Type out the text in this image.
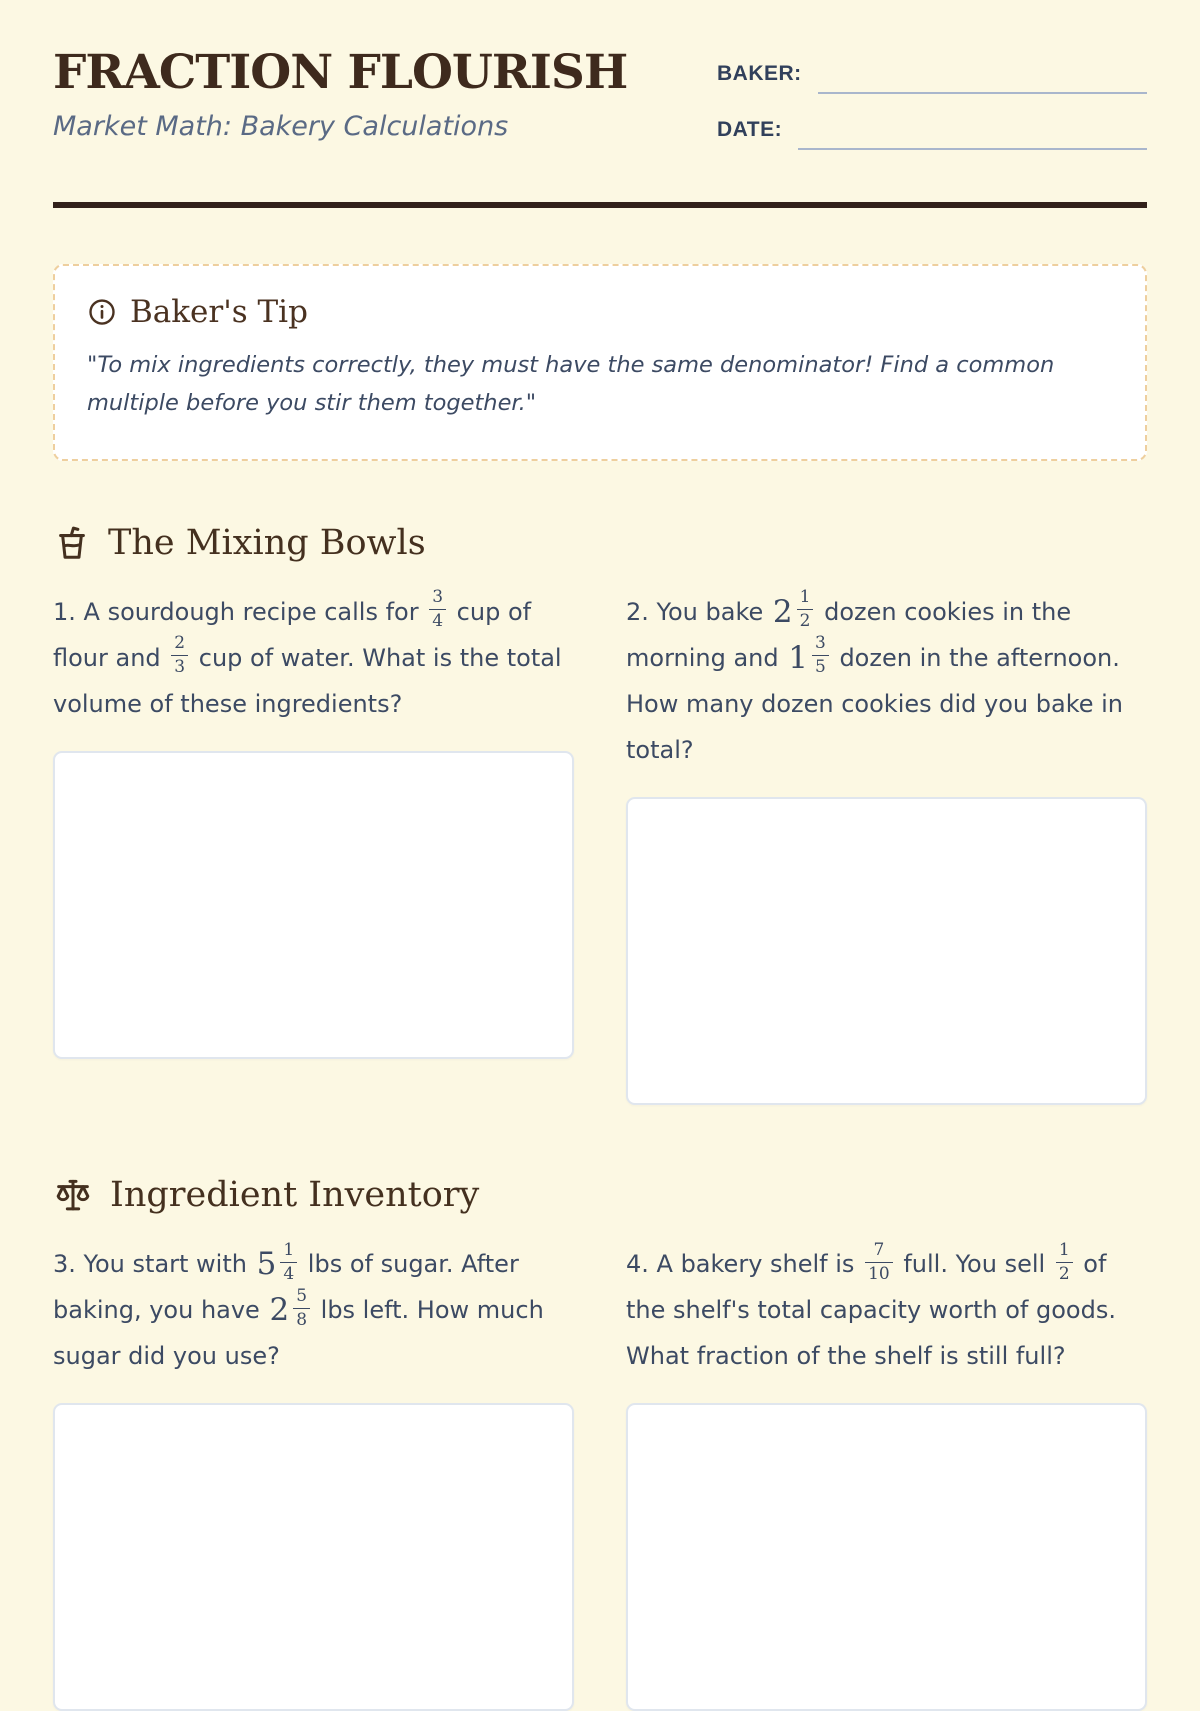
FRACTION FLOURISH
Market Math: Bakery Calculations
BAKER:
DATE:
Baker's Tip
"To mix ingredients correctly, they must have the same denominator! Find a common multiple before you stir them together."
The Mixing Bowls
1. A sourdough recipe calls for $\frac{3}{4}$ cup of flour and $\frac{2}{3}$ cup of water. What is the total volume of these ingredients?
2. You bake $2 \frac{1}{2}$ dozen cookies in the morning and $1 \frac{3}{5}$ dozen in the afternoon. How many dozen cookies did you bake in total?
Ingredient Inventory
3. You start with $5 \frac{1}{4}$ lbs of sugar. After baking, you have $2 \frac{5}{8}$ lbs left. How much sugar did you use?
4. A bakery shelf is $\frac{7}{10}$ full. You sell $\frac{1}{2}$ of the shelf's total capacity worth of goods. What fraction of the shelf is still full?
